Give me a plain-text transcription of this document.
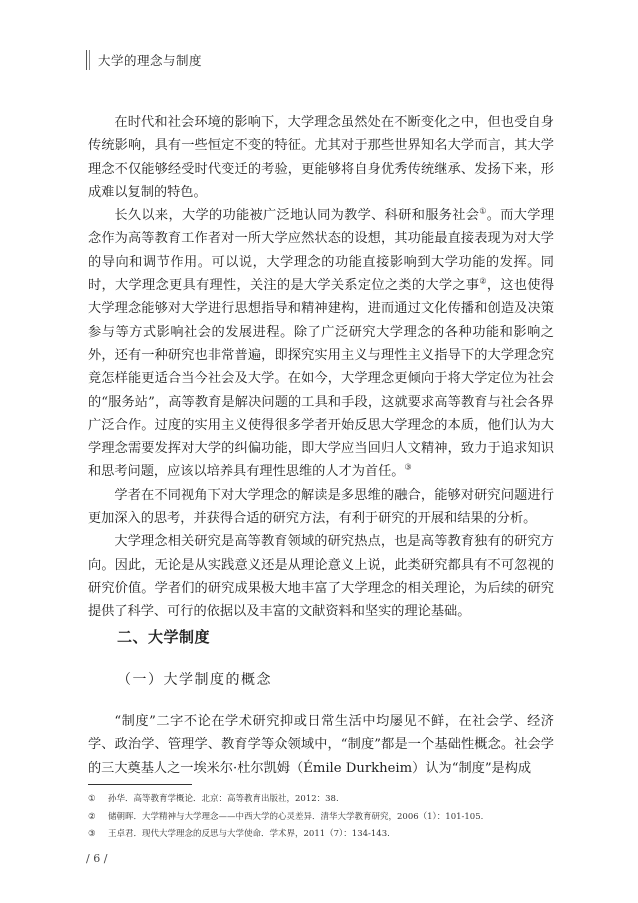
大学的理念与制度

在时代和社会环境的影响下，大学理念虽然处在不断变化之中，但也受自身传统影响，具有一些恒定不变的特征。尤其对于那些世界知名大学而言，其大学理念不仅能够经受时代变迁的考验，更能够将自身优秀传统继承、发扬下来，形成难以复制的特色。

长久以来，大学的功能被广泛地认同为教学、科研和服务社会①。而大学理念作为高等教育工作者对一所大学应然状态的设想，其功能最直接表现为对大学的导向和调节作用。可以说，大学理念的功能直接影响到大学功能的发挥。同时，大学理念更具有理性，关注的是大学关系定位之类的大学之事②，这也使得大学理念能够对大学进行思想指导和精神建构，进而通过文化传播和创造及决策参与等方式影响社会的发展进程。除了广泛研究大学理念的各种功能和影响之外，还有一种研究也非常普遍，即探究实用主义与理性主义指导下的大学理念究竟怎样能更适合当今社会及大学。在如今，大学理念更倾向于将大学定位为社会的“服务站”，高等教育是解决问题的工具和手段，这就要求高等教育与社会各界广泛合作。过度的实用主义使得很多学者开始反思大学理念的本质，他们认为大学理念需要发挥对大学的纠偏功能，即大学应当回归人文精神，致力于追求知识和思考问题，应该以培养具有理性思维的人才为首任。③

学者在不同视角下对大学理念的解读是多思维的融合，能够对研究问题进行更加深入的思考，并获得合适的研究方法，有利于研究的开展和结果的分析。

大学理念相关研究是高等教育领域的研究热点，也是高等教育独有的研究方向。因此，无论是从实践意义还是从理论意义上说，此类研究都具有不可忽视的研究价值。学者们的研究成果极大地丰富了大学理念的相关理论，为后续的研究提供了科学、可行的依据以及丰富的文献资料和坚实的理论基础。

二、大学制度
（一）大学制度的概念

“制度”二字不论在学术研究抑或日常生活中均屡见不鲜，在社会学、经济学、政治学、管理学、教育学等众领域中，“制度”都是一个基础性概念。社会学的三大奠基人之一埃米尔·杜尔凯姆（Émile Durkheim）认为“制度”是构成

①	孙华．高等教育学概论．北京：高等教育出版社，2012：38.
②	储朝晖．大学精神与大学理念——中西大学的心灵差异．清华大学教育研究，2006（1）：101-105.
③	王卓君．现代大学理念的反思与大学使命．学术界，2011（7）：134-143.
/ 6 /
